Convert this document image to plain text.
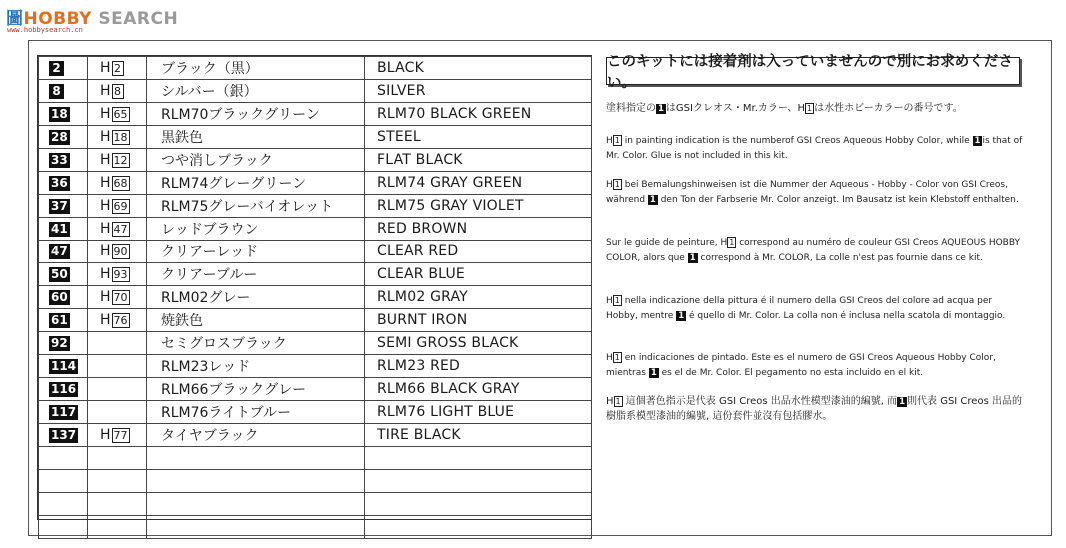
圖HOBBY SEARCH
www.hobbysearch.cn
2	H 2	ブラック（黒）	BLACK
8	H 8	シルバー（銀）	SILVER
18	H 65	RLM70ブラックグリーン	RLM70 BLACK GREEN
28	H 18	黒鉄色	STEEL
33	H 12	つや消しブラック	FLAT BLACK
36	H 68	RLM74グレーグリーン	RLM74 GRAY GREEN
37	H 69	RLM75グレーバイオレット	RLM75 GRAY VIOLET
41	H 47	レッドブラウン	RED BROWN
47	H 90	クリアーレッド	CLEAR RED
50	H 93	クリアーブルー	CLEAR BLUE
60	H 70	RLM02グレー	RLM02 GRAY
61	H 76	焼鉄色	BURNT IRON
92		セミグロスブラック	SEMI GROSS BLACK
114		RLM23レッド	RLM23 RED
116		RLM66ブラックグレー	RLM66 BLACK GRAY
117		RLM76ライトブルー	RLM76 LIGHT BLUE
137	H 77	タイヤブラック	TIRE BLACK

このキットには接着剤は入っていませんので別にお求めください。
塗料指定の 1 はGSIクレオス・Mr.カラー、H 1 は水性ホビーカラーの番号です。
H 1 in painting indication is the numberof GSI Creos Aqueous Hobby Color, while 1 is that of Mr. Color. Glue is not included in this kit.
H 1 bei Bemalungshinweisen ist die Nummer der Aqueous - Hobby - Color von GSI Creos, während 1 den Ton der Farbserie Mr. Color anzeigt. Im Bausatz ist kein Klebstoff enthalten.
Sur le guide de peinture, H 1 correspond au numéro de couleur GSI Creos AQUEOUS HOBBY COLOR, alors que 1 correspond à Mr. COLOR, La colle n'est pas fournie dans ce kit.
H 1 nella indicazione della pittura é il numero della GSI Creos del colore ad acqua per Hobby, mentre 1 é quello di Mr. Color. La colla non é inclusa nella scatola di montaggio.
H 1 en indicaciones de pintado. Este es el numero de GSI Creos Aqueous Hobby Color, mientras 1 es el de Mr. Color. El pegamento no esta incluido en el kit.
H 1 這個著色指示是代表 GSI Creos 出品水性模型漆油的編號, 而 1 則代表 GSI Creos 出品的樹脂系模型漆油的編號, 這份套件並沒有包括膠水。
